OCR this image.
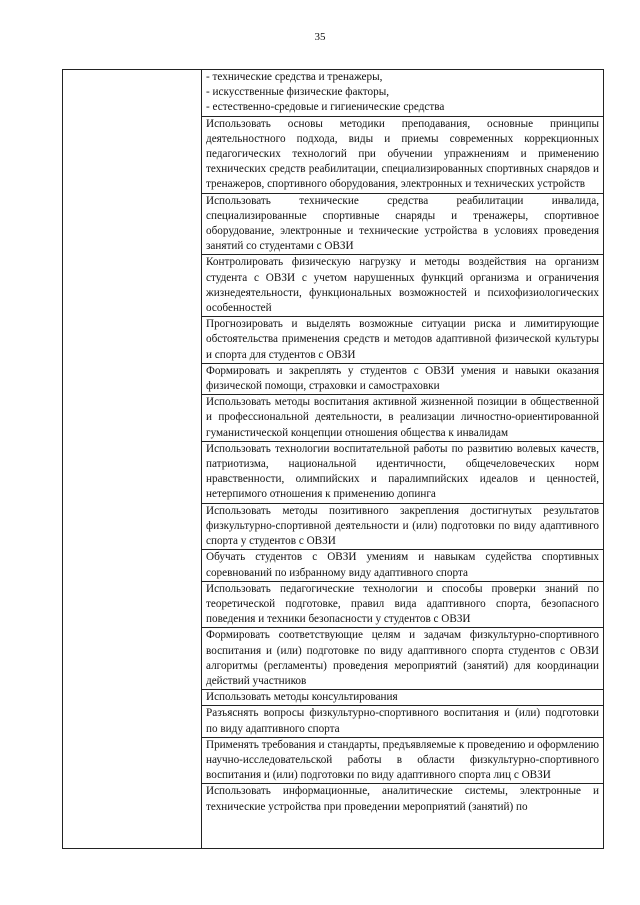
35
- технические средства и тренажеры,
- искусственные физические факторы,
- естественно-средовые и гигиенические средства
Использовать основы методики преподавания, основные принципы деятельностного подхода, виды и приемы современных коррекционных педагогических технологий при обучении упражнениям и применению технических средств реабилитации, специализированных спортивных снарядов и тренажеров, спортивного оборудования, электронных и технических устройств
Использовать технические средства реабилитации инвалида, специализированные спортивные снаряды и тренажеры, спортивное оборудование, электронные и технические устройства в условиях проведения занятий со студентами с ОВЗИ
Контролировать физическую нагрузку и методы воздействия на организм студента с ОВЗИ с учетом нарушенных функций организма и ограничения жизнедеятельности, функциональных возможностей и психофизиологических особенностей
Прогнозировать и выделять возможные ситуации риска и лимитирующие обстоятельства применения средств и методов адаптивной физической культуры и спорта для студентов с ОВЗИ
Формировать и закреплять у студентов с ОВЗИ умения и навыки оказания физической помощи, страховки и самостраховки
Использовать методы воспитания активной жизненной позиции в общественной и профессиональной деятельности, в реализации личностно-ориентированной гуманистической концепции отношения общества к инвалидам
Использовать технологии воспитательной работы по развитию волевых качеств, патриотизма, национальной идентичности, общечеловеческих норм нравственности, олимпийских и паралимпийских идеалов и ценностей, нетерпимого отношения к применению допинга
Использовать методы позитивного закрепления достигнутых результатов физкультурно-спортивной деятельности и (или) подготовки по виду адаптивного спорта у студентов с ОВЗИ
Обучать студентов с ОВЗИ умениям и навыкам судейства спортивных соревнований по избранному виду адаптивного спорта
Использовать педагогические технологии и способы проверки знаний по теоретической подготовке, правил вида адаптивного спорта, безопасного поведения и техники безопасности у студентов с ОВЗИ
Формировать соответствующие целям и задачам физкультурно-спортивного воспитания и (или) подготовке по виду адаптивного спорта студентов с ОВЗИ алгоритмы (регламенты) проведения мероприятий (занятий) для координации действий участников
Использовать методы консультирования
Разъяснять вопросы физкультурно-спортивного воспитания и (или) подготовки по виду адаптивного спорта
Применять требования и стандарты, предъявляемые к проведению и оформлению научно-исследовательской работы в области физкультурно-спортивного воспитания и (или) подготовки по виду адаптивного спорта лиц с ОВЗИ
Использовать информационные, аналитические системы, электронные и технические устройства при проведении мероприятий (занятий) по
